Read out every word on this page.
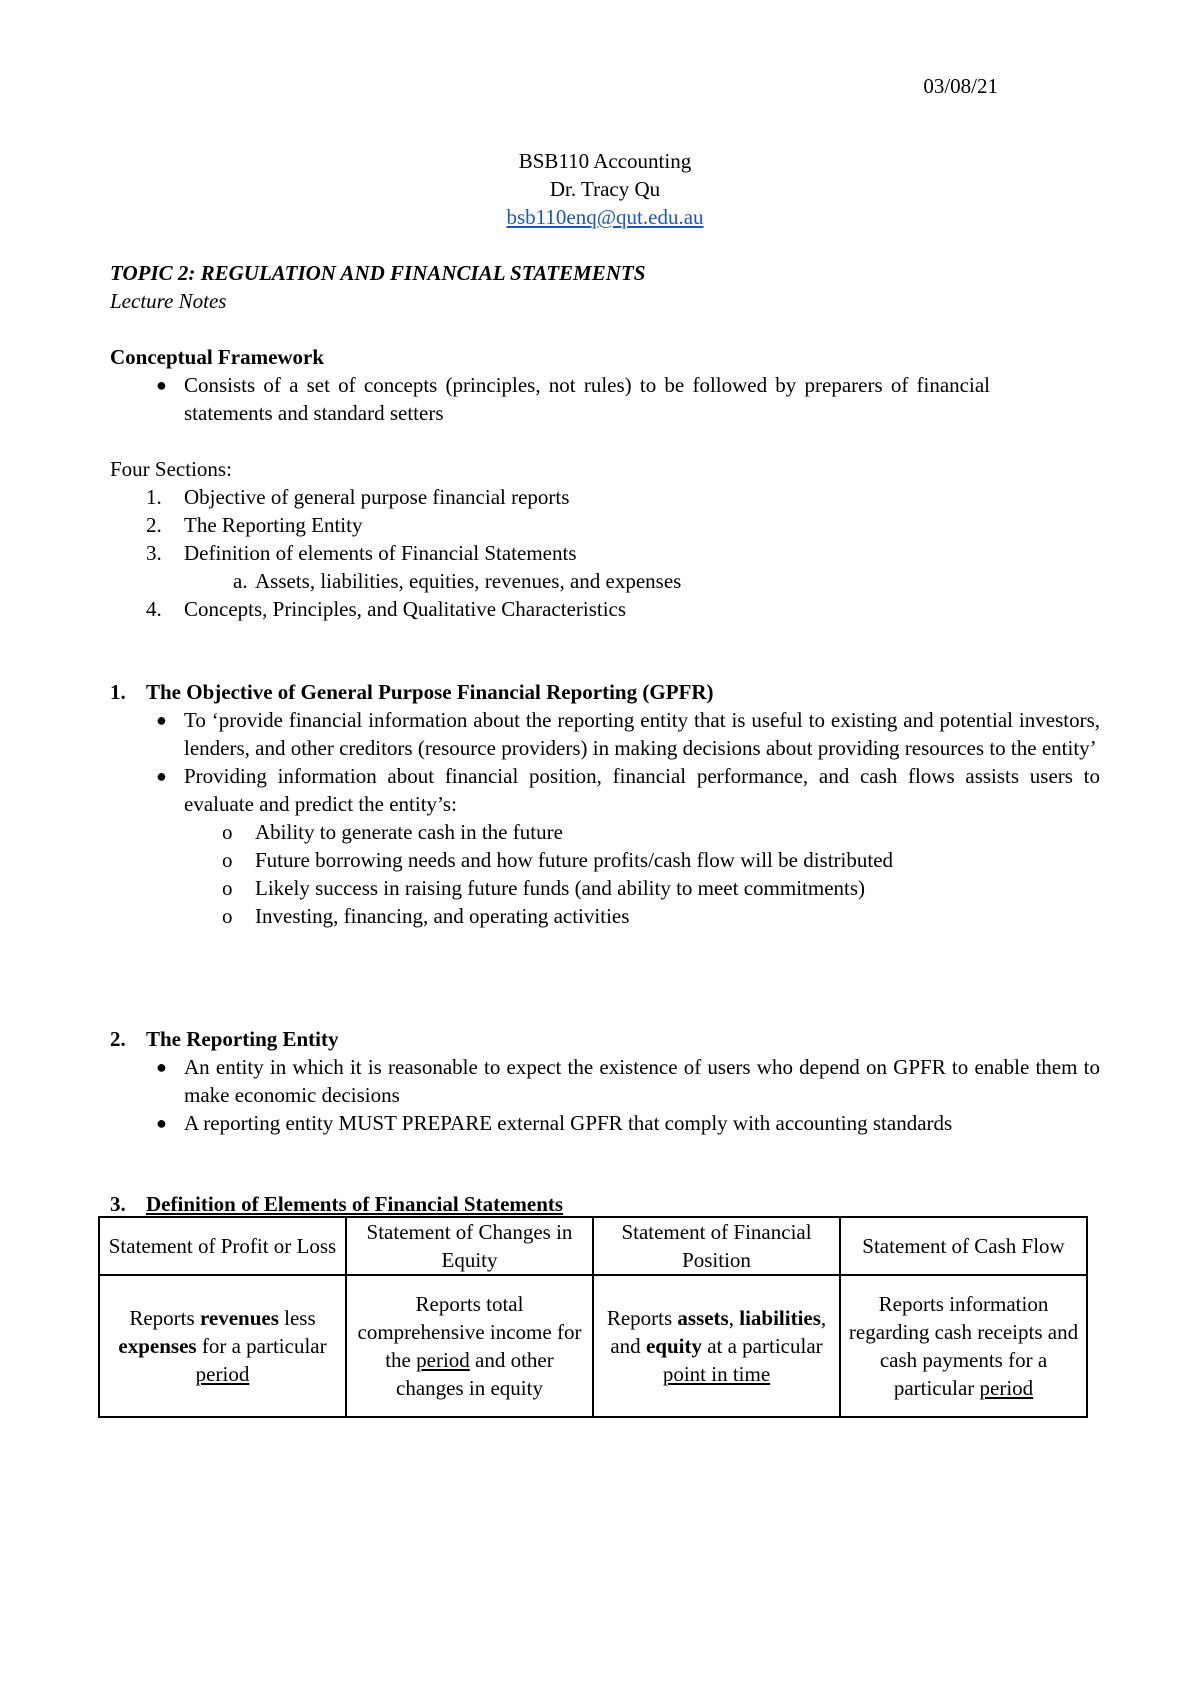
03/08/21
BSB110 Accounting
Dr. Tracy Qu
bsb110enq@qut.edu.au
TOPIC 2: REGULATION AND FINANCIAL STATEMENTS
Lecture Notes
Conceptual Framework
● Consists of a set of concepts (principles, not rules) to be followed by preparers of financial statements and standard setters
Four Sections:
1.	Objective of general purpose financial reports
2.	The Reporting Entity
3.	Definition of elements of Financial Statements
a. Assets, liabilities, equities, revenues, and expenses
4.	Concepts, Principles, and Qualitative Characteristics
1. The Objective of General Purpose Financial Reporting (GPFR)
● To ‘provide financial information about the reporting entity that is useful to existing and potential investors, lenders, and other creditors (resource providers) in making decisions about providing resources to the entity’
● Providing information about financial position, financial performance, and cash flows assists users to evaluate and predict the entity’s:
o	Ability to generate cash in the future
o	Future borrowing needs and how future profits/cash flow will be distributed
o	Likely success in raising future funds (and ability to meet commitments)
o	Investing, financing, and operating activities
2. The Reporting Entity
● An entity in which it is reasonable to expect the existence of users who depend on GPFR to enable them to make economic decisions
● A reporting entity MUST PREPARE external GPFR that comply with accounting standards
3. Definition of Elements of Financial Statements
Statement of Profit or Loss	Statement of Changes in Equity	Statement of Financial Position	Statement of Cash Flow
Reports revenues less expenses for a particular period	Reports total comprehensive income for the period and other changes in equity	Reports assets, liabilities, and equity at a particular point in time	Reports information regarding cash receipts and cash payments for a particular period
